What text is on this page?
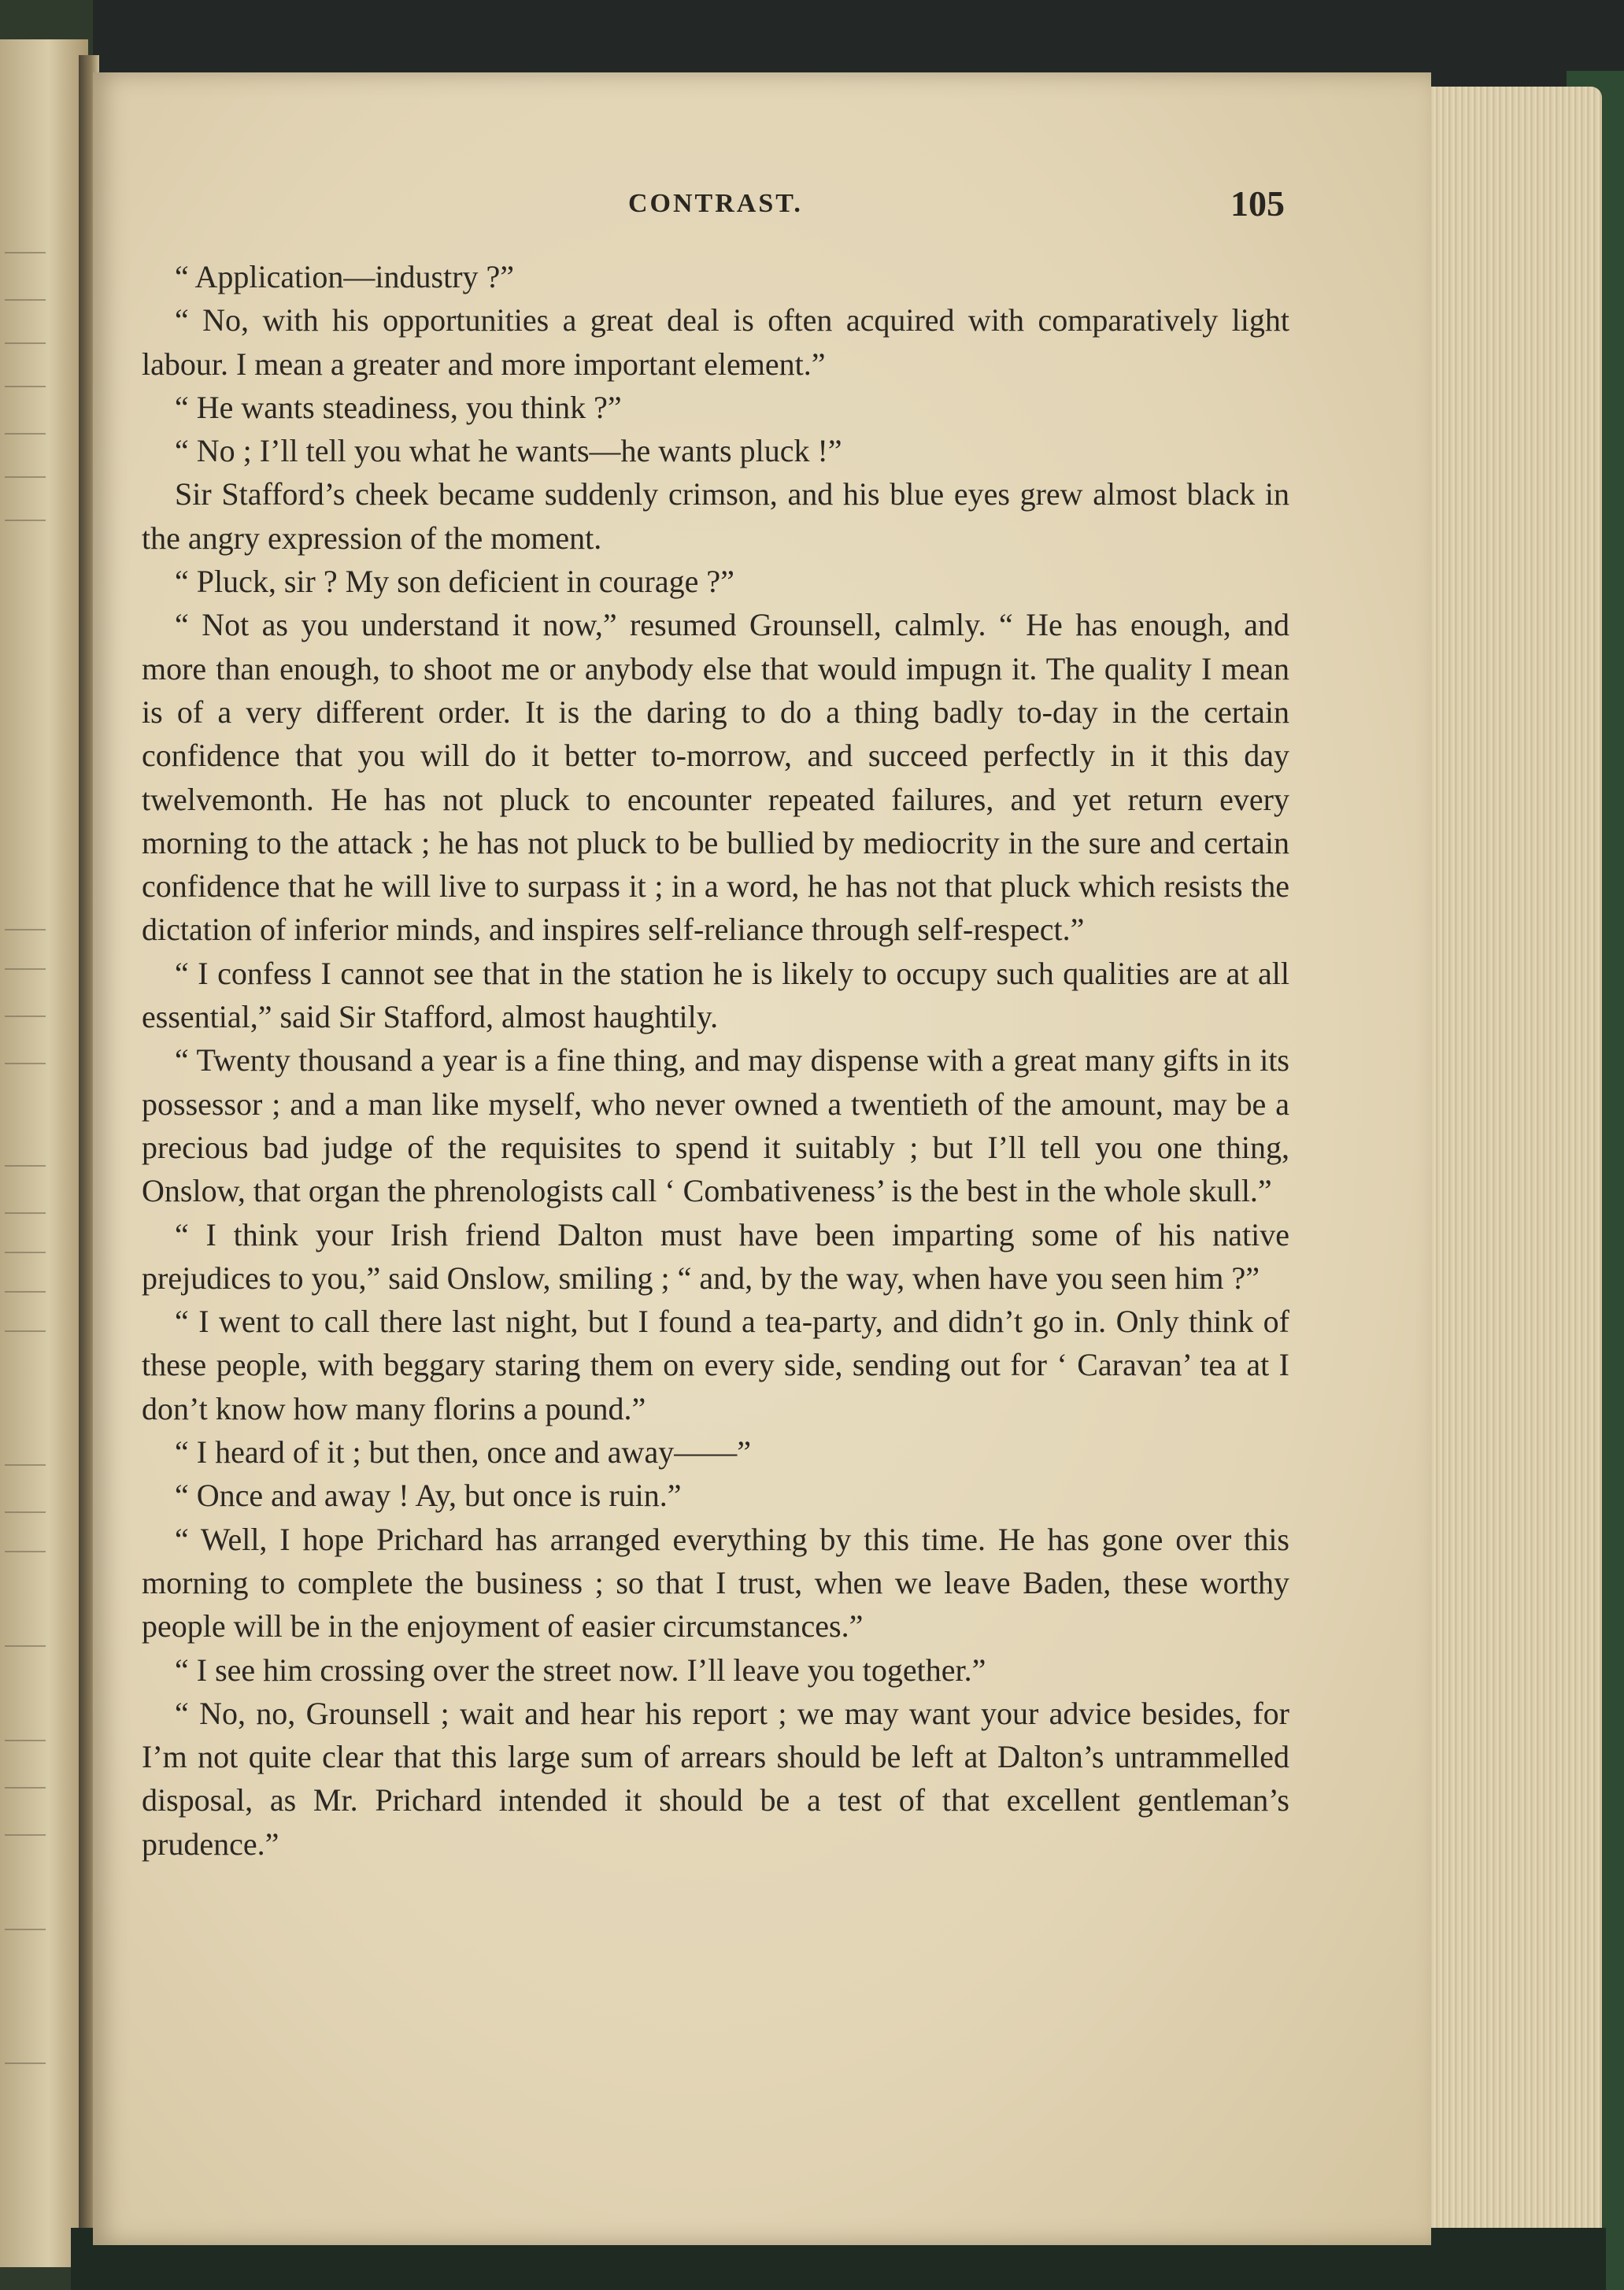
CONTRAST.	105

“ Application—industry ?”

“ No, with his opportunities a great deal is often acquired with comparatively light labour. I mean a greater and more important element.”

“ He wants steadiness, you think ?”

“ No ; I’ll tell you what he wants—he wants pluck !”

Sir Stafford’s cheek became suddenly crimson, and his blue eyes grew almost black in the angry expression of the moment.

“ Pluck, sir ? My son deficient in courage ?”

“ Not as you understand it now,” resumed Grounsell, calmly. “ He has enough, and more than enough, to shoot me or anybody else that would impugn it. The quality I mean is of a very different order. It is the daring to do a thing badly to-day in the certain confidence that you will do it better to-morrow, and succeed perfectly in it this day twelvemonth. He has not pluck to encounter repeated failures, and yet return every morning to the attack ; he has not pluck to be bullied by mediocrity in the sure and certain confidence that he will live to surpass it ; in a word, he has not that pluck which resists the dictation of inferior minds, and inspires self-reliance through self-respect.”

“ I confess I cannot see that in the station he is likely to occupy such qualities are at all essential,” said Sir Stafford, almost haughtily.

“ Twenty thousand a year is a fine thing, and may dispense with a great many gifts in its possessor ; and a man like myself, who never owned a twentieth of the amount, may be a precious bad judge of the requisites to spend it suitably ; but I’ll tell you one thing, Onslow, that organ the phrenologists call ‘ Combativeness’ is the best in the whole skull.”

“ I think your Irish friend Dalton must have been imparting some of his native prejudices to you,” said Onslow, smiling ; “ and, by the way, when have you seen him ?”

“ I went to call there last night, but I found a tea-party, and didn’t go in. Only think of these people, with beggary staring them on every side, sending out for ‘ Caravan’ tea at I don’t know how many florins a pound.”

“ I heard of it ; but then, once and away——”

“ Once and away ! Ay, but once is ruin.”

“ Well, I hope Prichard has arranged everything by this time. He has gone over this morning to complete the business ; so that I trust, when we leave Baden, these worthy people will be in the enjoyment of easier circumstances.”

“ I see him crossing over the street now. I’ll leave you together.”

“ No, no, Grounsell ; wait and hear his report ; we may want your advice besides, for I’m not quite clear that this large sum of arrears should be left at Dalton’s untrammelled disposal, as Mr. Prichard intended it should be a test of that excellent gentleman’s prudence.”
